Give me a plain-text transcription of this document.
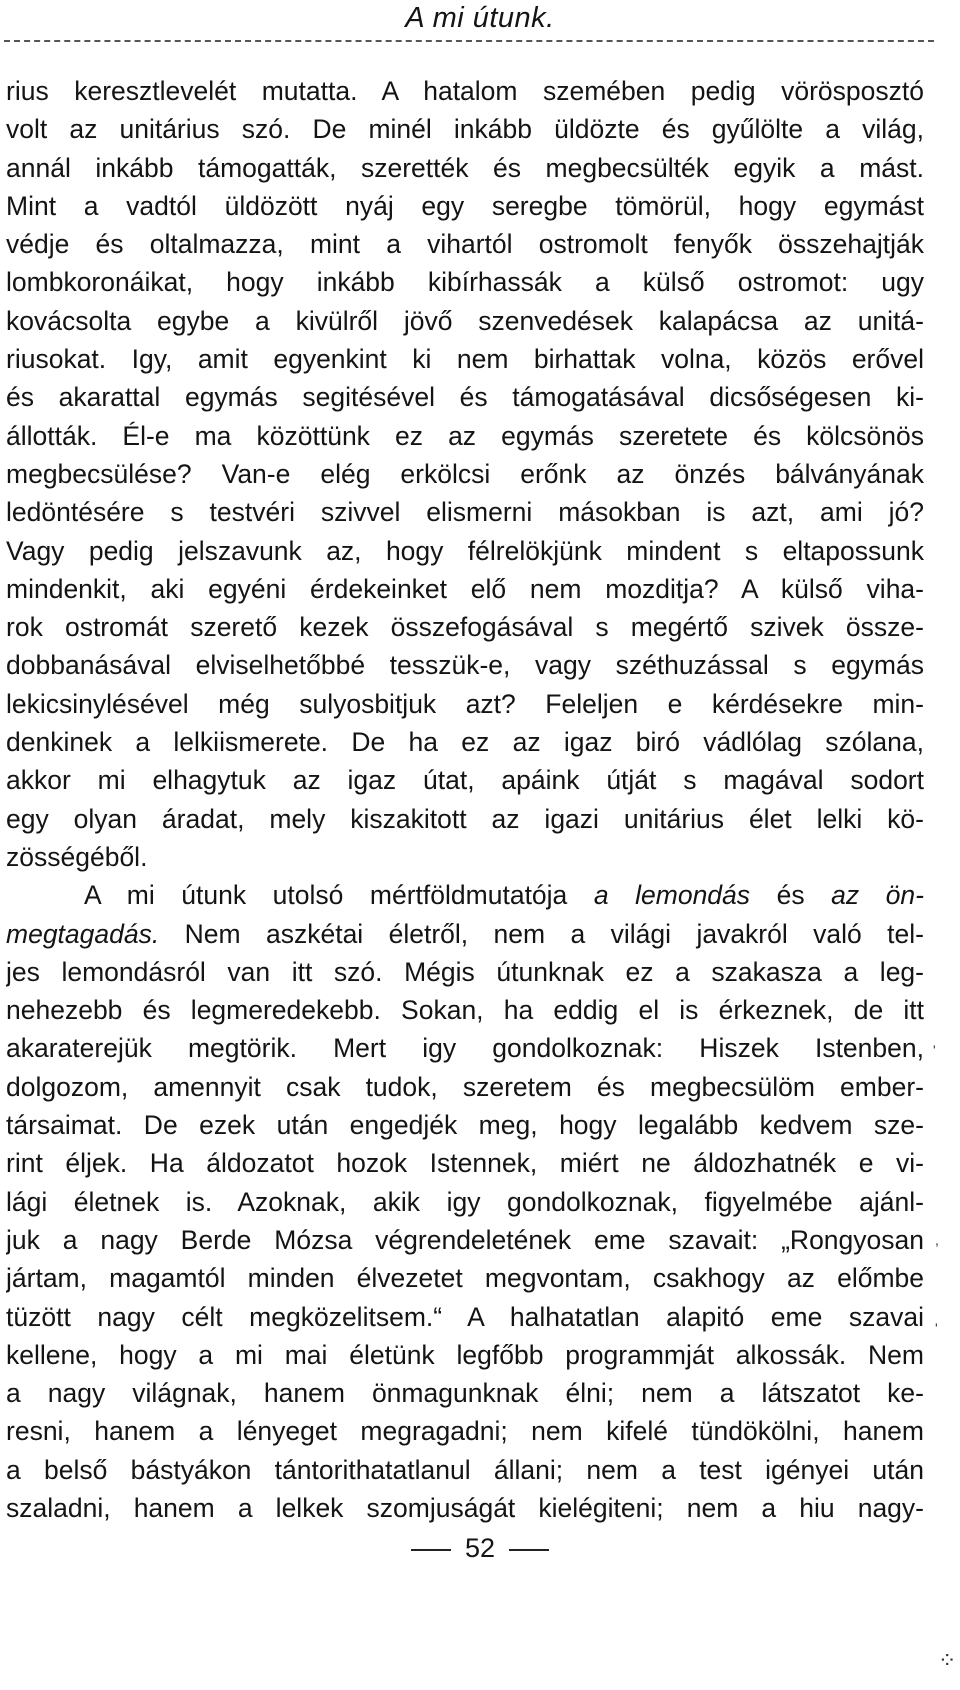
A mi útunk.
rius keresztlevelét mutatta. A hatalom szemében pedig vörösposztó
volt az unitárius szó. De minél inkább üldözte és gyűlölte a világ,
annál inkább támogatták, szerették és megbecsülték egyik a mást.
Mint a vadtól üldözött nyáj egy seregbe tömörül, hogy egymást
védje és oltalmazza, mint a vihartól ostromolt fenyők összehajtják
lombkoronáikat, hogy inkább kibírhassák a külső ostromot: ugy
kovácsolta egybe a kivülről jövő szenvedések kalapácsa az unitá-
riusokat. Igy, amit egyenkint ki nem birhattak volna, közös erővel
és akarattal egymás segitésével és támogatásával dicsőségesen ki-
állották. Él-e ma közöttünk ez az egymás szeretete és kölcsönös
megbecsülése? Van-e elég erkölcsi erőnk az önzés bálványának
ledöntésére s testvéri szivvel elismerni másokban is azt, ami jó?
Vagy pedig jelszavunk az, hogy félrelökjünk mindent s eltapossunk
mindenkit, aki egyéni érdekeinket elő nem mozditja? A külső viha-
rok ostromát szerető kezek összefogásával s megértő szivek össze-
dobbanásával elviselhetőbbé tesszük-e, vagy széthuzással s egymás
lekicsinylésével még sulyosbitjuk azt? Feleljen e kérdésekre min-
denkinek a lelkiismerete. De ha ez az igaz biró vádlólag szólana,
akkor mi elhagytuk az igaz útat, apáink útját s magával sodort
egy olyan áradat, mely kiszakitott az igazi unitárius élet lelki kö-
zösségéből.
A mi útunk utolsó mértföldmutatója a lemondás és az ön-
megtagadás. Nem aszkétai életről, nem a világi javakról való tel-
jes lemondásról van itt szó. Mégis útunknak ez a szakasza a leg-
nehezebb és legmeredekebb. Sokan, ha eddig el is érkeznek, de itt
akaraterejük megtörik. Mert igy gondolkoznak: Hiszek Istenben,
dolgozom, amennyit csak tudok, szeretem és megbecsülöm ember-
társaimat. De ezek után engedjék meg, hogy legalább kedvem sze-
rint éljek. Ha áldozatot hozok Istennek, miért ne áldozhatnék e vi-
lági életnek is. Azoknak, akik igy gondolkoznak, figyelmébe ajánl-
juk a nagy Berde Mózsa végrendeletének eme szavait: „Rongyosan
jártam, magamtól minden élvezetet megvontam, csakhogy az előmbe
tüzött nagy célt megközelitsem.“ A halhatatlan alapitó eme szavai
kellene, hogy a mi mai életünk legfőbb programmját alkossák. Nem
a nagy világnak, hanem önmagunknak élni; nem a látszatot ke-
resni, hanem a lényeget megragadni; nem kifelé tündökölni, hanem
a belső bástyákon tántorithatatlanul állani; nem a test igényei után
szaladni, hanem a lelkek szomjuságát kielégiteni; nem a hiu nagy-
52
'
,
'
⁘
